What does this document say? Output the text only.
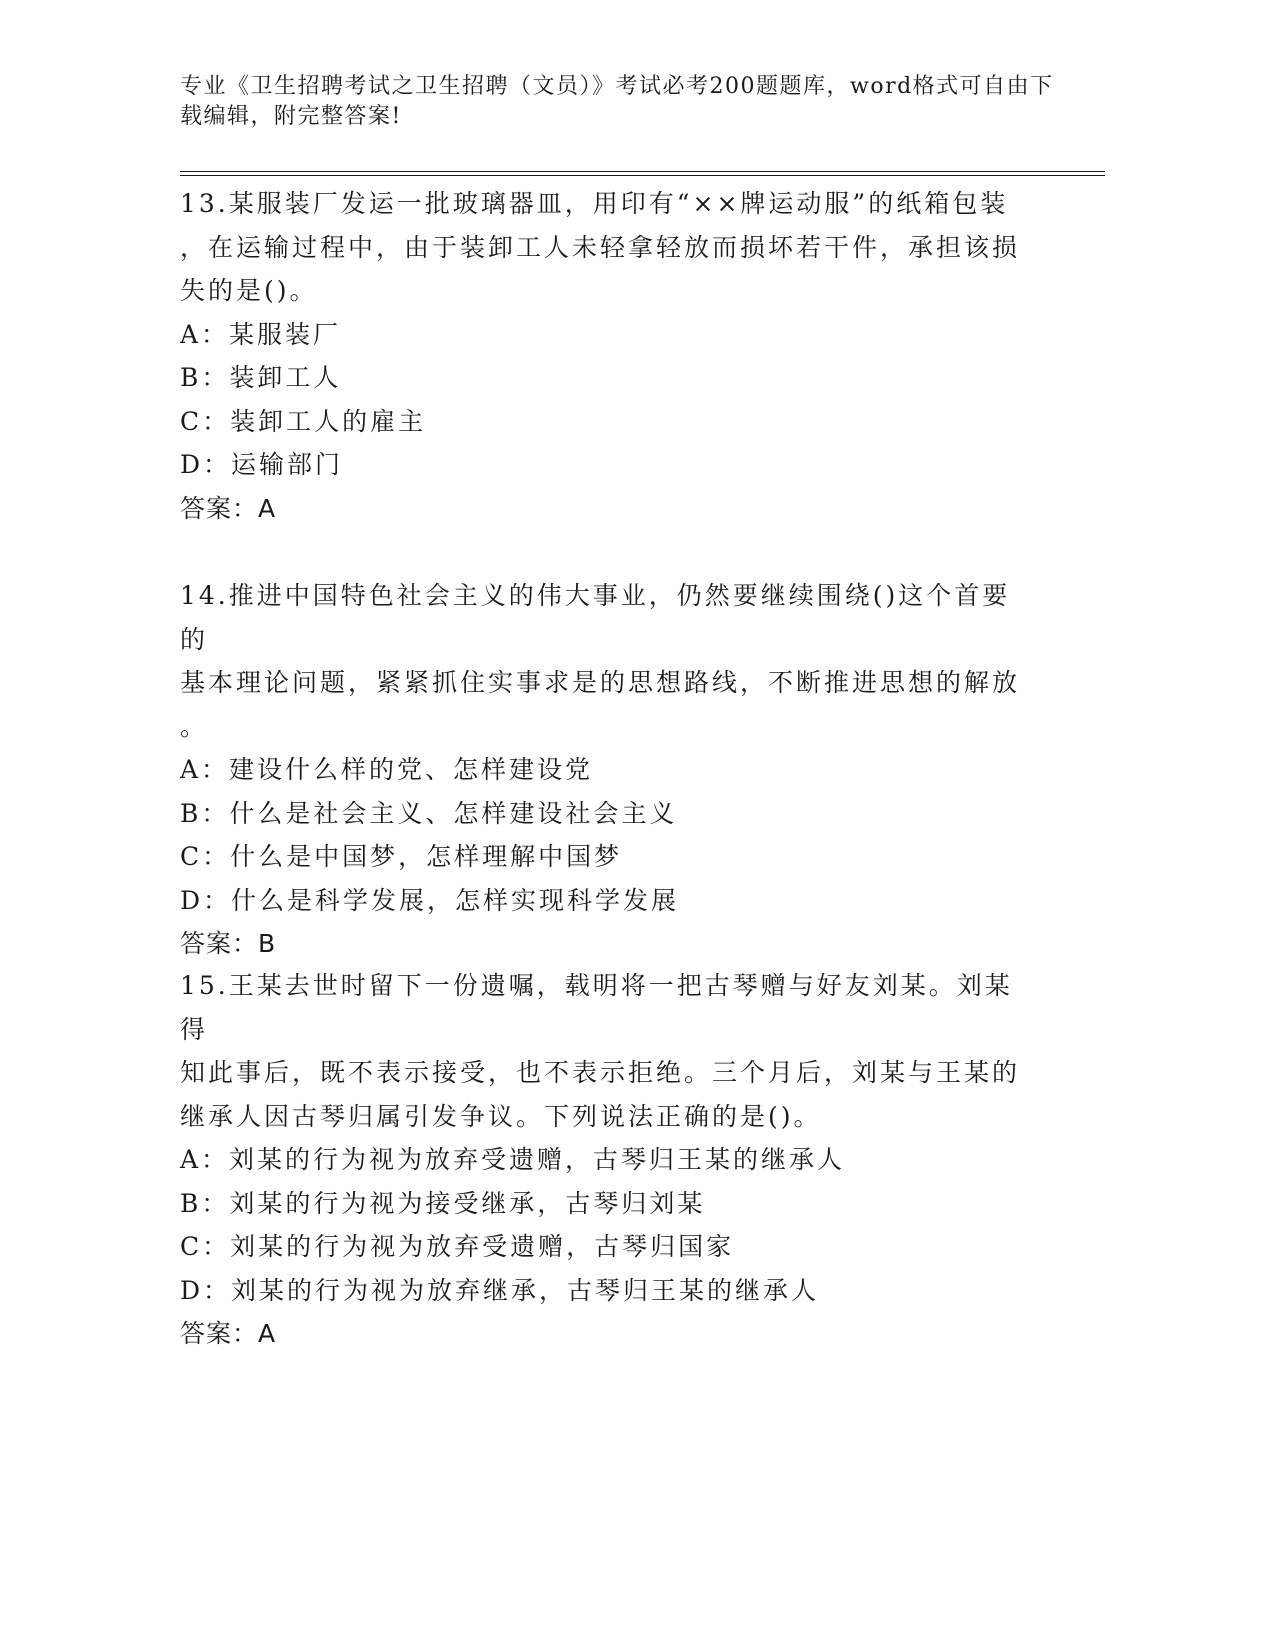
专业《卫生招聘考试之卫生招聘（文员）》考试必考200题题库，word格式可自由下载编辑，附完整答案!

13.某服装厂发运一批玻璃器皿，用印有“××牌运动服”的纸箱包装
，在运输过程中，由于装卸工人未轻拿轻放而损坏若干件，承担该损
失的是()。

A：某服装厂

B：装卸工人

C：装卸工人的雇主

D：运输部门

答案：A

14.推进中国特色社会主义的伟大事业，仍然要继续围绕()这个首要的
基本理论问题，紧紧抓住实事求是的思想路线，不断推进思想的解放
。

A：建设什么样的党、怎样建设党

B：什么是社会主义、怎样建设社会主义

C：什么是中国梦，怎样理解中国梦

D：什么是科学发展，怎样实现科学发展

答案：B

15.王某去世时留下一份遗嘱，载明将一把古琴赠与好友刘某。刘某得
知此事后，既不表示接受，也不表示拒绝。三个月后，刘某与王某的
继承人因古琴归属引发争议。下列说法正确的是()。

A：刘某的行为视为放弃受遗赠，古琴归王某的继承人

B：刘某的行为视为接受继承，古琴归刘某

C：刘某的行为视为放弃受遗赠，古琴归国家

D：刘某的行为视为放弃继承，古琴归王某的继承人

答案：A
